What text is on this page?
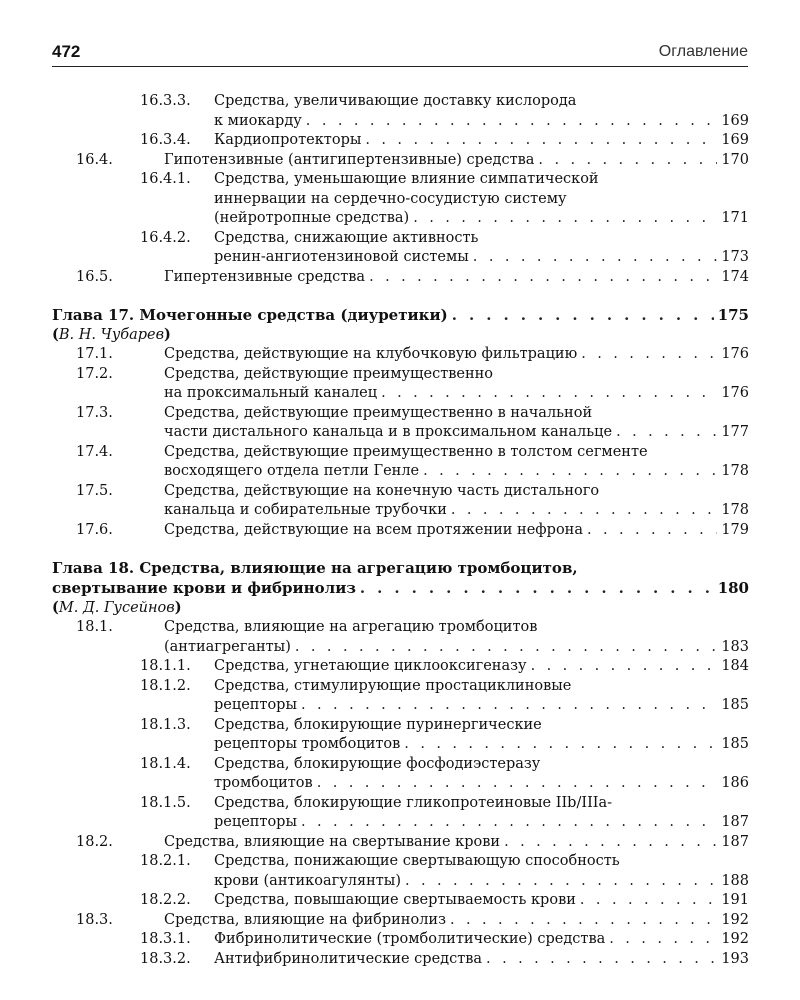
472	Оглавление
16.3.3.	Средства, увеличивающие доставку кислорода
к миокарду . . .	169
16.3.4.	Кардиопротекторы . . .	169
16.4.	Гипотензивные (антигипертензивные) средства . . .	170
16.4.1.	Средства, уменьшающие влияние симпатической
иннервации на сердечно-сосудистую систему
(нейротропные средства) . . .	171
16.4.2.	Средства, снижающие активность
ренин-ангиотензиновой системы . . .	173
16.5.	Гипертензивные средства . . .	174
Глава 17. Мочегонные средства (диуретики) . . .	175
(В. Н. Чубарев)
17.1.	Средства, действующие на клубочковую фильтрацию . . .	176
17.2.	Средства, действующие преимущественно
на проксимальный каналец . . .	176
17.3.	Средства, действующие преимущественно в начальной
части дистального канальца и в проксимальном канальце . . .	177
17.4.	Средства, действующие преимущественно в толстом сегменте
восходящего отдела петли Генле . . .	178
17.5.	Средства, действующие на конечную часть дистального
канальца и собирательные трубочки . . .	178
17.6.	Средства, действующие на всем протяжении нефрона . . .	179
Глава 18. Средства, влияющие на агрегацию тромбоцитов,
свертывание крови и фибринолиз . . .	180
(М. Д. Гусейнов)
18.1.	Средства, влияющие на агрегацию тромбоцитов
(антиагреганты) . . .	183
18.1.1.	Средства, угнетающие циклооксигеназу . . .	184
18.1.2.	Средства, стимулирующие простациклиновые
рецепторы . . .	185
18.1.3.	Средства, блокирующие пуринергические
рецепторы тромбоцитов . . .	185
18.1.4.	Средства, блокирующие фосфодиэстеразу
тромбоцитов . . .	186
18.1.5.	Средства, блокирующие гликопротеиновые IIb/IIIa-
рецепторы . . .	187
18.2.	Средства, влияющие на свертывание крови . . .	187
18.2.1.	Средства, понижающие свертывающую способность
крови (антикоагулянты) . . .	188
18.2.2.	Средства, повышающие свертываемость крови . . .	191
18.3.	Средства, влияющие на фибринолиз . . .	192
18.3.1.	Фибринолитические (тромболитические) средства . . .	192
18.3.2.	Антифибринолитические средства . . .	193
